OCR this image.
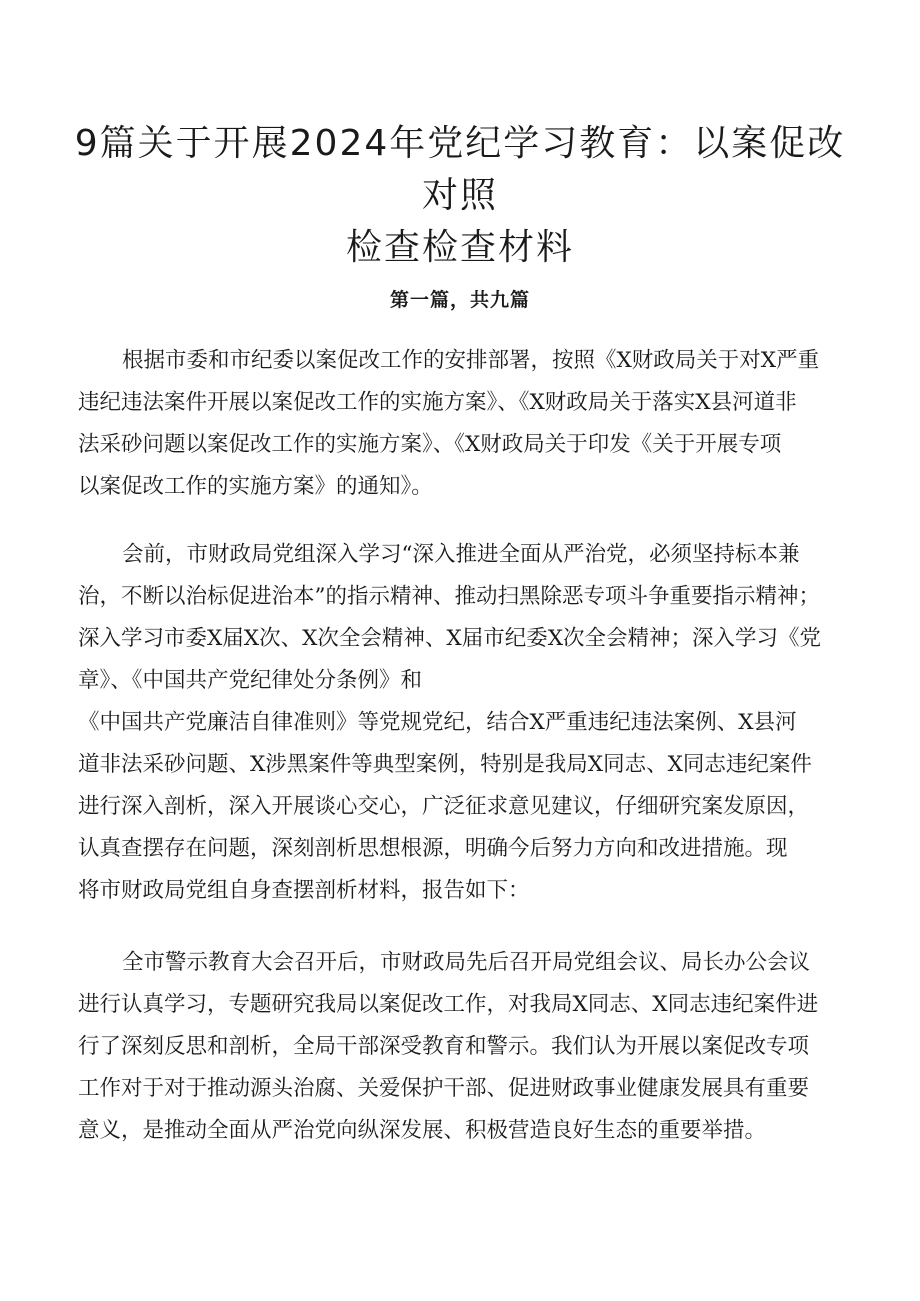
9篇关于开展2024年党纪学习教育：以案促改对照
检查检查材料
第一篇，共九篇

根据市委和市纪委以案促改工作的安排部署，按照《X财政局关于对X严重
违纪违法案件开展以案促改工作的实施方案》、《X财政局关于落实X县河道非
法采砂问题以案促改工作的实施方案》、《X财政局关于印发《关于开展专项
以案促改工作的实施方案》的通知》。

会前，市财政局党组深入学习“深入推进全面从严治党，必须坚持标本兼
治，不断以治标促进治本”的指示精神、推动扫黑除恶专项斗争重要指示精神；
深入学习市委X届X次、X次全会精神、X届市纪委X次全会精神；深入学习《党
章》、《中国共产党纪律处分条例》和
《中国共产党廉洁自律准则》等党规党纪，结合X严重违纪违法案例、X县河
道非法采砂问题、X涉黑案件等典型案例，特别是我局X同志、X同志违纪案件
进行深入剖析，深入开展谈心交心，广泛征求意见建议，仔细研究案发原因，
认真查摆存在问题，深刻剖析思想根源，明确今后努力方向和改进措施。现
将市财政局党组自身查摆剖析材料，报告如下：

全市警示教育大会召开后，市财政局先后召开局党组会议、局长办公会议
进行认真学习，专题研究我局以案促改工作，对我局X同志、X同志违纪案件进
行了深刻反思和剖析，全局干部深受教育和警示。我们认为开展以案促改专项
工作对于对于推动源头治腐、关爱保护干部、促进财政事业健康发展具有重要
意义，是推动全面从严治党向纵深发展、积极营造良好生态的重要举措。
